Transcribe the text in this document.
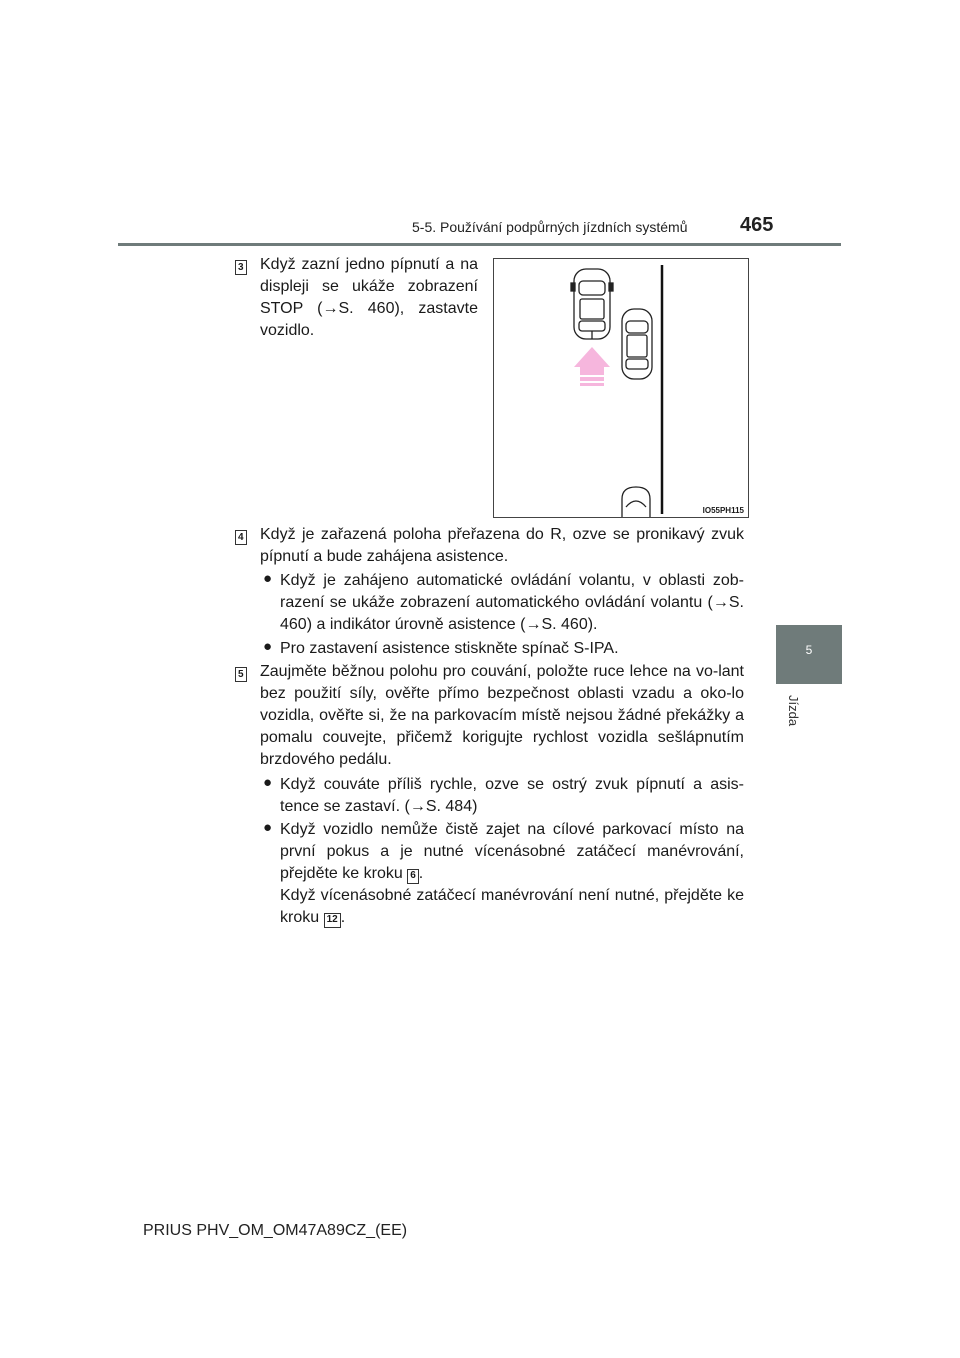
5-5. Používání podpůrných jízdních systémů	465
5
Jízda
3 Když zazní jedno pípnutí a na displeji se ukáže zobrazení STOP (→S. 460), zastavte vozidlo.
IO55PH115
4 Když je zařazená poloha přeřazena do R, ozve se pronikavý zvuk pípnutí a bude zahájena asistence.
● Když je zahájeno automatické ovládání volantu, v oblasti zob-razení se ukáže zobrazení automatického ovládání volantu (→S. 460) a indikátor úrovně asistence (→S. 460).
● Pro zastavení asistence stiskněte spínač S-IPA.
5 Zaujměte běžnou polohu pro couvání, položte ruce lehce na vo-lant bez použití síly, ověřte přímo bezpečnost oblasti vzadu a oko-lo vozidla, ověřte si, že na parkovacím místě nejsou žádné překážky a pomalu couvejte, přičemž korigujte rychlost vozidla sešlápnutím brzdového pedálu.
● Když couváte příliš rychle, ozve se ostrý zvuk pípnutí a asis-tence se zastaví. (→S. 484)
● Když vozidlo nemůže čistě zajet na cílové parkovací místo na první pokus a je nutné vícenásobné zatáčecí manévrování, přejděte ke kroku 6 .
Když vícenásobné zatáčecí manévrování není nutné, přejděte ke kroku 12 .
PRIUS PHV_OM_OM47A89CZ_(EE)
